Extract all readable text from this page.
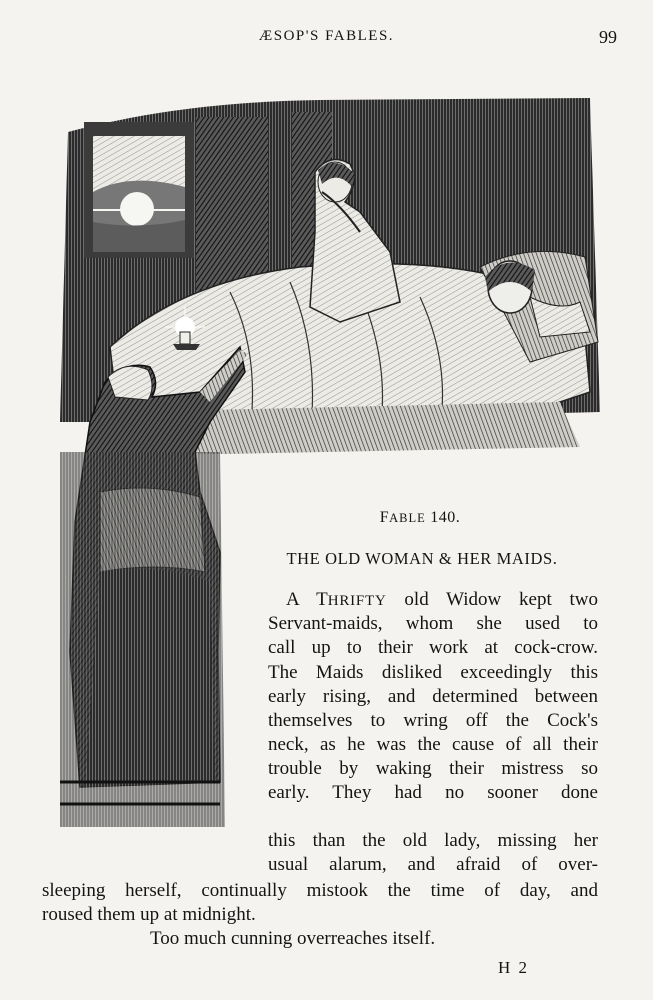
ÆSOP'S FABLES.	99
FABLE 140.
THE OLD WOMAN & HER MAIDS.
A THRIFTY old Widow kept two
Servant-maids, whom she used to
call up to their work at cock-crow.
The Maids disliked exceedingly this
early rising, and determined between
themselves to wring off the Cock's
neck, as he was the cause of all their
trouble by waking their mistress so
early. They had no sooner done
this than the old lady, missing her
usual alarum, and afraid of over-
sleeping herself, continually mistook the time of day, and
roused them up at midnight.
Too much cunning overreaches itself.
H 2
